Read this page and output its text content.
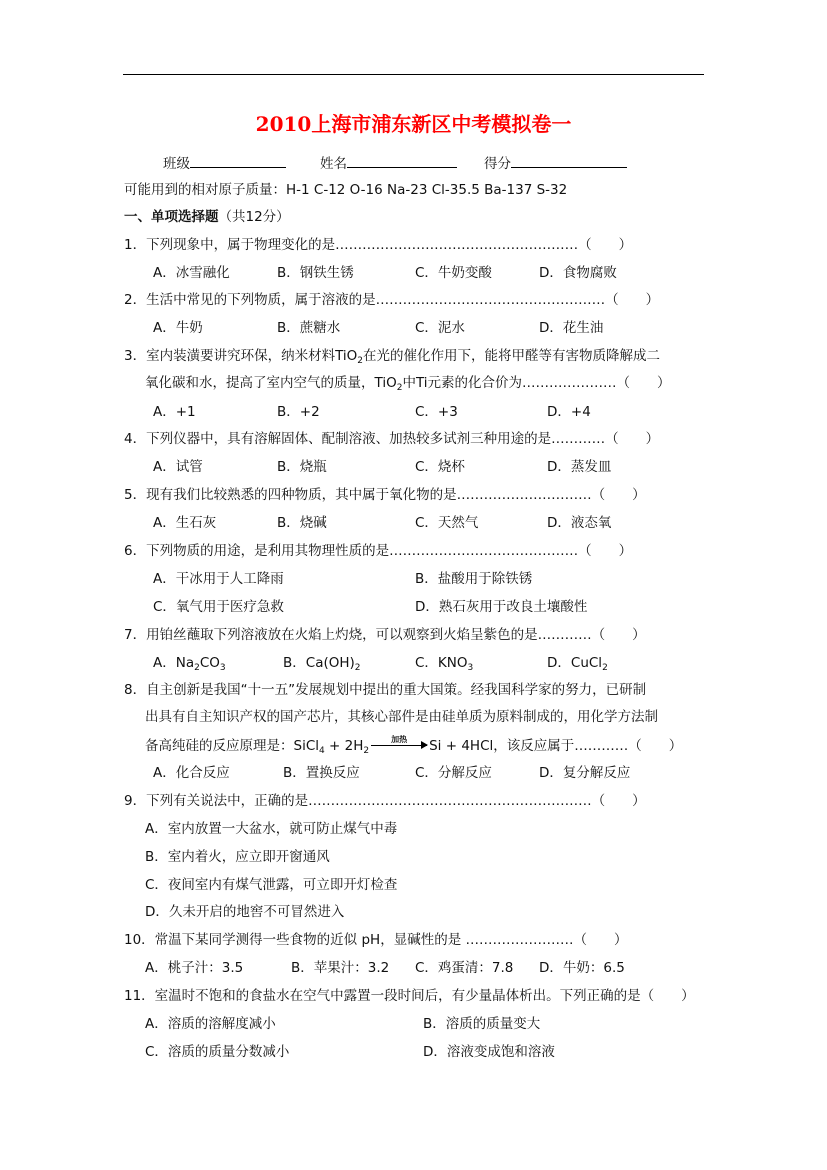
2010上海市浦东新区中考模拟卷一
班级	姓名	得分
可能用到的相对原子质量：H-1 C-12 O-16 Na-23 Cl-35.5 Ba-137 S-32
一、单项选择题（共12分）
1．下列现象中，属于物理变化的是………………………………………………（　　）
A．冰雪融化	B．钢铁生锈	C．牛奶变酸	D．食物腐败
2．生活中常见的下列物质，属于溶液的是……………………………………………（　　）
A．牛奶	B．蔗糖水	C．泥水	D．花生油
3．室内装潢要讲究环保，纳米材料TiO$_2$在光的催化作用下，能将甲醛等有害物质降解成二
氧化碳和水，提高了室内空气的质量，TiO$_2$中Ti元素的化合价为…………………（　　）
A．+1	B．+2	C．+3	D．+4
4．下列仪器中，具有溶解固体、配制溶液、加热较多试剂三种用途的是…………（　　）
A．试管	B．烧瓶	C．烧杯	D．蒸发皿
5．现有我们比较熟悉的四种物质，其中属于氧化物的是…………………………（　　）
A．生石灰	B．烧碱	C．天然气	D．液态氧
6．下列物质的用途，是利用其物理性质的是……………………………………（　　）
A．干冰用于人工降雨	B．盐酸用于除铁锈
C．氧气用于医疗急救	D．熟石灰用于改良土壤酸性
7．用铂丝蘸取下列溶液放在火焰上灼烧，可以观察到火焰呈紫色的是…………（　　）
A．$Na_2CO_3$	B．$Ca(OH)_2$	C．$KNO_3$	D．CuCl$_2$
8．自主创新是我国“十一五”发展规划中提出的重大国策。经我国科学家的努力，已研制
出具有自主知识产权的国产芯片，其核心部件是由硅单质为原料制成的，用化学方法制
备高纯硅的反应原理是：SiCl$_4$ + $2H_2$
加热	Si + 4HCl，该反应属于…………（　　）
A．化合反应	B．置换反应	C．分解反应	D．复分解反应
9．下列有关说法中，正确的是………………………………………………………（　　）
A．室内放置一大盆水，就可防止煤气中毒
B．室内着火，应立即开窗通风
C．夜间室内有煤气泄露，可立即开灯检查
D．久未开启的地窖不可冒然进入
10．常温下某同学测得一些食物的近似 pH，显碱性的是 ……………………（　　）
A．桃子汁：3.5	B．苹果汁：3.2 C．鸡蛋清：7.8 D．牛奶：6.5
11．室温时不饱和的食盐水在空气中露置一段时间后，有少量晶体析出。下列正确的是（　　）
A．溶质的溶解度减小	B．溶质的质量变大
C．溶质的质量分数减小	D．溶液变成饱和溶液
